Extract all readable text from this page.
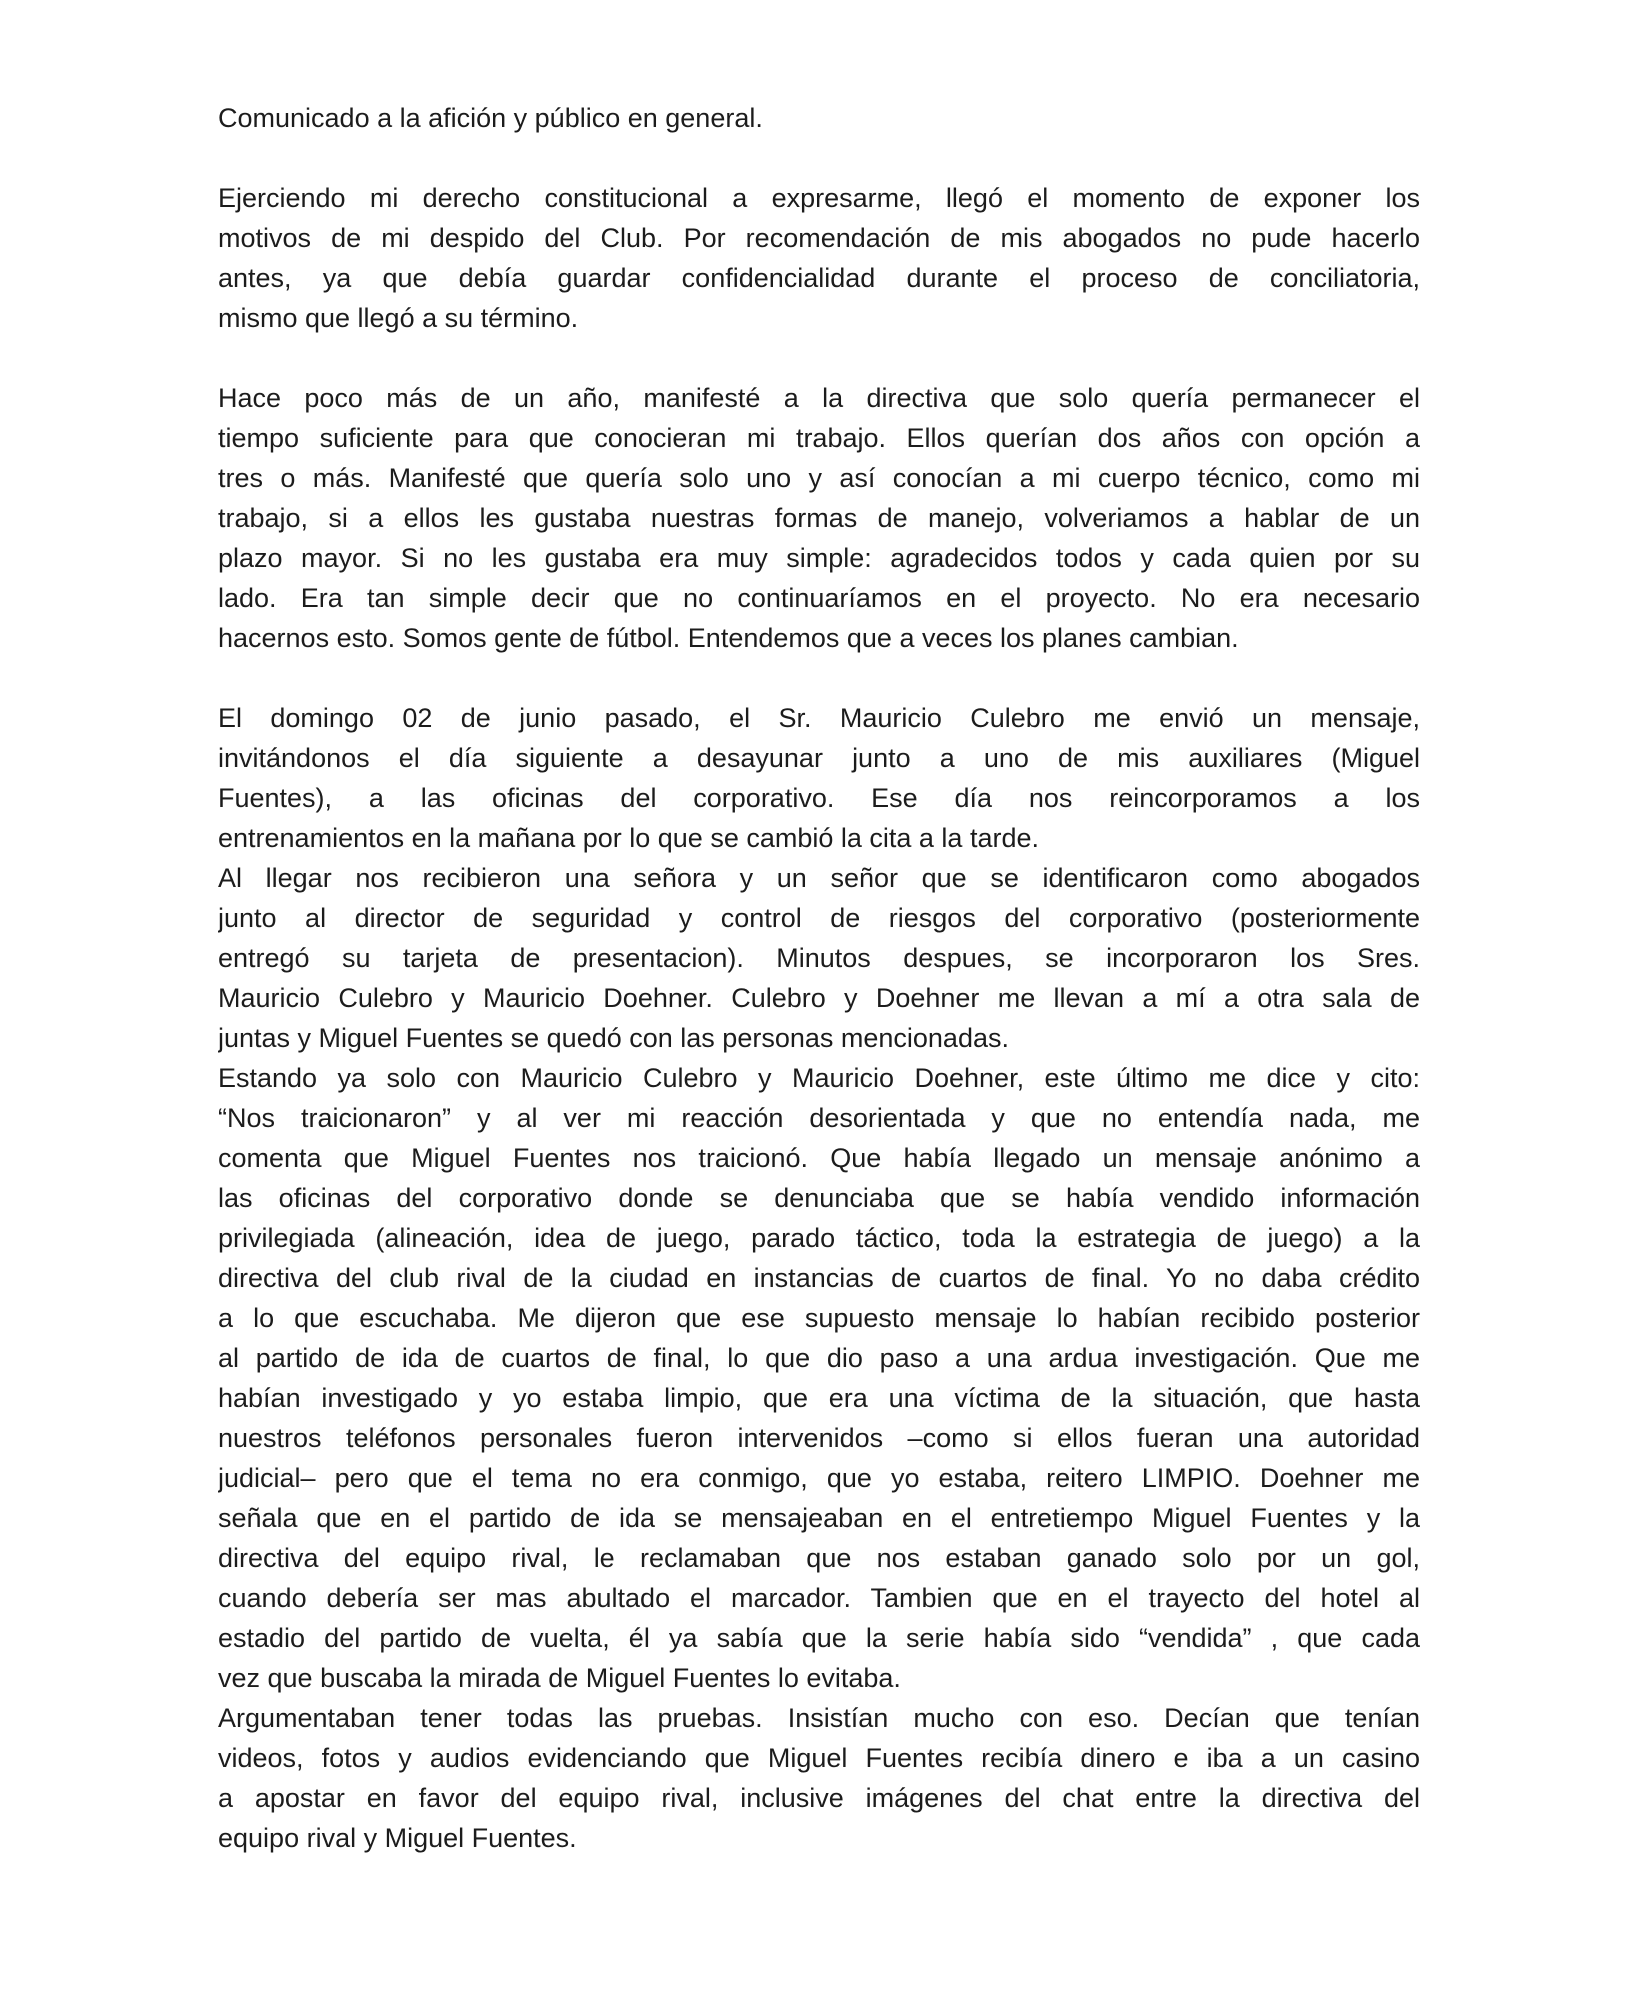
Comunicado a la afición y público en general.
Ejerciendo mi derecho constitucional a expresarme, llegó el momento de exponer los
motivos de mi despido del Club. Por recomendación de mis abogados no pude hacerlo
antes, ya que debía guardar confidencialidad durante el proceso de conciliatoria,
mismo que llegó a su término.
Hace poco más de un año, manifesté a la directiva que solo quería permanecer el
tiempo suficiente para que conocieran mi trabajo. Ellos querían dos años con opción a
tres o más. Manifesté que quería solo uno y así conocían a mi cuerpo técnico, como mi
trabajo, si a ellos les gustaba nuestras formas de manejo, volveriamos a hablar de un
plazo mayor. Si no les gustaba era muy simple: agradecidos todos y cada quien por su
lado. Era tan simple decir que no continuaríamos en el proyecto. No era necesario
hacernos esto. Somos gente de fútbol. Entendemos que a veces los planes cambian.
El domingo 02 de junio pasado, el Sr. Mauricio Culebro me envió un mensaje,
invitándonos el día siguiente a desayunar junto a uno de mis auxiliares (Miguel
Fuentes), a las oficinas del corporativo. Ese día nos reincorporamos a los
entrenamientos en la mañana por lo que se cambió la cita a la tarde.
Al llegar nos recibieron una señora y un señor que se identificaron como abogados
junto al director de seguridad y control de riesgos del corporativo (posteriormente
entregó su tarjeta de presentacion). Minutos despues, se incorporaron los Sres.
Mauricio Culebro y Mauricio Doehner. Culebro y Doehner me llevan a mí a otra sala de
juntas y Miguel Fuentes se quedó con las personas mencionadas.
Estando ya solo con Mauricio Culebro y Mauricio Doehner, este último me dice y cito:
“Nos traicionaron” y al ver mi reacción desorientada y que no entendía nada, me
comenta que Miguel Fuentes nos traicionó. Que había llegado un mensaje anónimo a
las oficinas del corporativo donde se denunciaba que se había vendido información
privilegiada (alineación, idea de juego, parado táctico, toda la estrategia de juego) a la
directiva del club rival de la ciudad en instancias de cuartos de final. Yo no daba crédito
a lo que escuchaba. Me dijeron que ese supuesto mensaje lo habían recibido posterior
al partido de ida de cuartos de final, lo que dio paso a una ardua investigación. Que me
habían investigado y yo estaba limpio, que era una víctima de la situación, que hasta
nuestros teléfonos personales fueron intervenidos –como si ellos fueran una autoridad
judicial– pero que el tema no era conmigo, que yo estaba, reitero LIMPIO. Doehner me
señala que en el partido de ida se mensajeaban en el entretiempo Miguel Fuentes y la
directiva del equipo rival, le reclamaban que nos estaban ganado solo por un gol,
cuando debería ser mas abultado el marcador. Tambien que en el trayecto del hotel al
estadio del partido de vuelta, él ya sabía que la serie había sido “vendida” , que cada
vez que buscaba la mirada de Miguel Fuentes lo evitaba.
Argumentaban tener todas las pruebas. Insistían mucho con eso. Decían que tenían
videos, fotos y audios evidenciando que Miguel Fuentes recibía dinero e iba a un casino
a apostar en favor del equipo rival, inclusive imágenes del chat entre la directiva del
equipo rival y Miguel Fuentes.
